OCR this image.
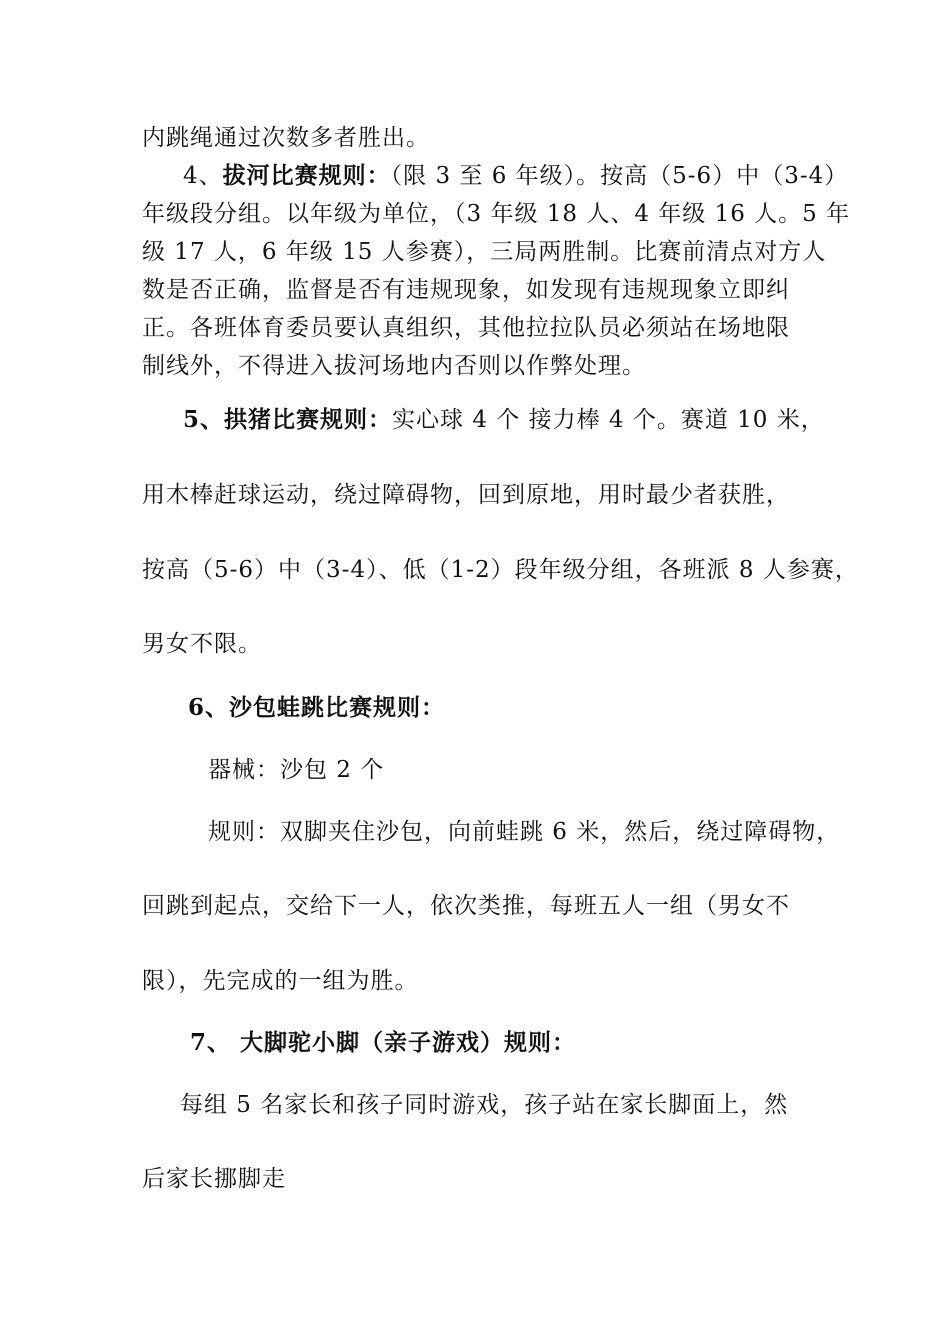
内跳绳通过次数多者胜出。
4、拔河比赛规则：（限 3 至 6 年级）。按高（5-6）中（3-4）
年级段分组。以年级为单位，（3 年级 18 人、4 年级 16 人。5 年
级 17 人，6 年级 15 人参赛），三局两胜制。比赛前清点对方人
数是否正确，监督是否有违规现象，如发现有违规现象立即纠
正。各班体育委员要认真组织，其他拉拉队员必须站在场地限
制线外，不得进入拔河场地内否则以作弊处理。
5、拱猪比赛规则：实心球 4 个 接力棒 4 个。赛道 10 米，
用木棒赶球运动，绕过障碍物，回到原地，用时最少者获胜，
按高（5-6）中（3-4）、低（1-2）段年级分组，各班派 8 人参赛，
男女不限。
6、沙包蛙跳比赛规则：
器械：沙包 2 个
规则：双脚夹住沙包，向前蛙跳 6 米，然后，绕过障碍物，
回跳到起点，交给下一人，依次类推，每班五人一组（男女不
限），先完成的一组为胜。
7、 大脚驼小脚（亲子游戏）规则：
每组 5 名家长和孩子同时游戏，孩子站在家长脚面上，然
后家长挪脚走
